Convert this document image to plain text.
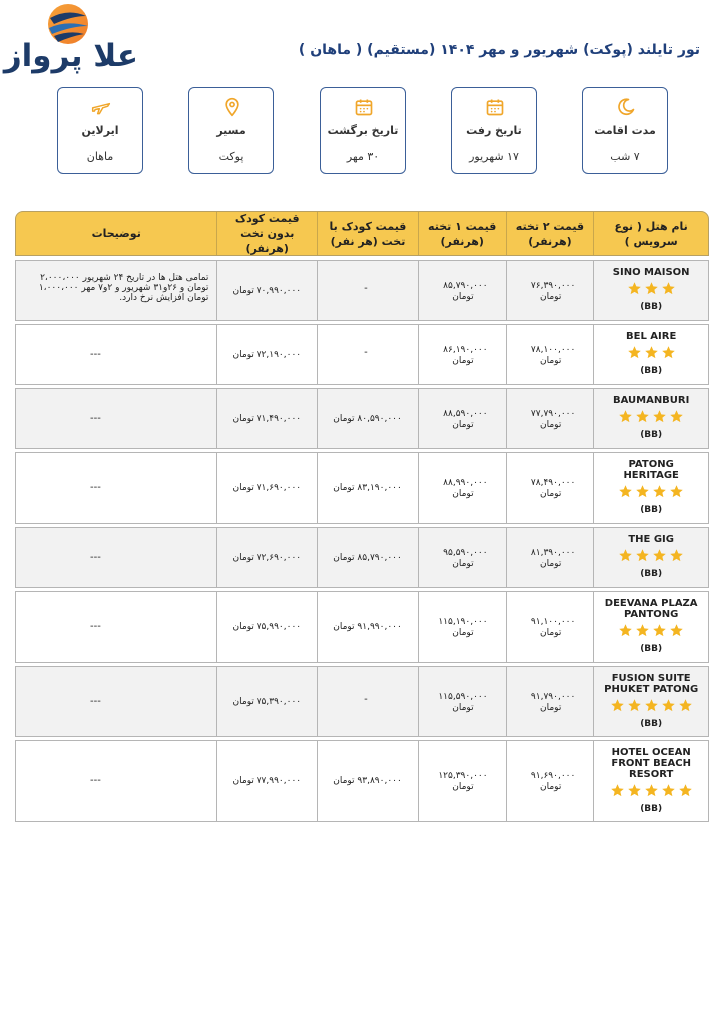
علا پرواز	تور تایلند (پوکت) شهریور و مهر ۱۴۰۴ (مستقیم) ( ماهان )
مدت اقامت
۷ شب
تاریخ رفت
۱۷ شهریور
تاریخ برگشت
۳۰ مهر
مسیر
پوکت
ایرلاین
ماهان
نام هتل ( نوع سرویس )
قیمت ۲ تخته (هرنفر)
قیمت ۱ تخته (هرنفر)
قیمت کودک با تخت (هر نفر)
قیمت کودک بدون تخت (هرنفر)
توضیحات
SINO MAISON
(BB)
۷۶,۳۹۰,۰۰۰
تومان
۸۵,۷۹۰,۰۰۰
تومان
-
۷۰,۹۹۰,۰۰۰ تومان
تمامی هتل ها در تاریخ ۲۴ شهریور ۲،۰۰۰،۰۰۰ تومان و ۲۶و۳۱ شهریور و ۲و۷ مهر ۱،۰۰۰،۰۰۰ تومان افزایش نرخ دارد.
BEL AIRE
(BB)
۷۸,۱۰۰,۰۰۰
تومان
۸۶,۱۹۰,۰۰۰
تومان
-
۷۲,۱۹۰,۰۰۰ تومان
---
BAUMANBURI
(BB)
۷۷,۷۹۰,۰۰۰
تومان
۸۸,۵۹۰,۰۰۰
تومان
۸۰,۵۹۰,۰۰۰ تومان
۷۱,۴۹۰,۰۰۰ تومان
---
PATONG HERITAGE
(BB)
۷۸,۴۹۰,۰۰۰
تومان
۸۸,۹۹۰,۰۰۰
تومان
۸۳,۱۹۰,۰۰۰ تومان
۷۱,۶۹۰,۰۰۰ تومان
---
THE GIG
(BB)
۸۱,۳۹۰,۰۰۰
تومان
۹۵,۵۹۰,۰۰۰
تومان
۸۵,۷۹۰,۰۰۰ تومان
۷۲,۶۹۰,۰۰۰ تومان
---
DEEVANA PLAZA PANTONG
(BB)
۹۱,۱۰۰,۰۰۰
تومان
۱۱۵,۱۹۰,۰۰۰
تومان
۹۱,۹۹۰,۰۰۰ تومان
۷۵,۹۹۰,۰۰۰ تومان
---
FUSION SUITE PHUKET PATONG
(BB)
۹۱,۷۹۰,۰۰۰
تومان
۱۱۵,۵۹۰,۰۰۰
تومان
-
۷۵,۳۹۰,۰۰۰ تومان
---
HOTEL OCEAN FRONT BEACH RESORT
(BB)
۹۱,۶۹۰,۰۰۰
تومان
۱۲۵,۳۹۰,۰۰۰
تومان
۹۳,۸۹۰,۰۰۰ تومان
۷۷,۹۹۰,۰۰۰ تومان
---
